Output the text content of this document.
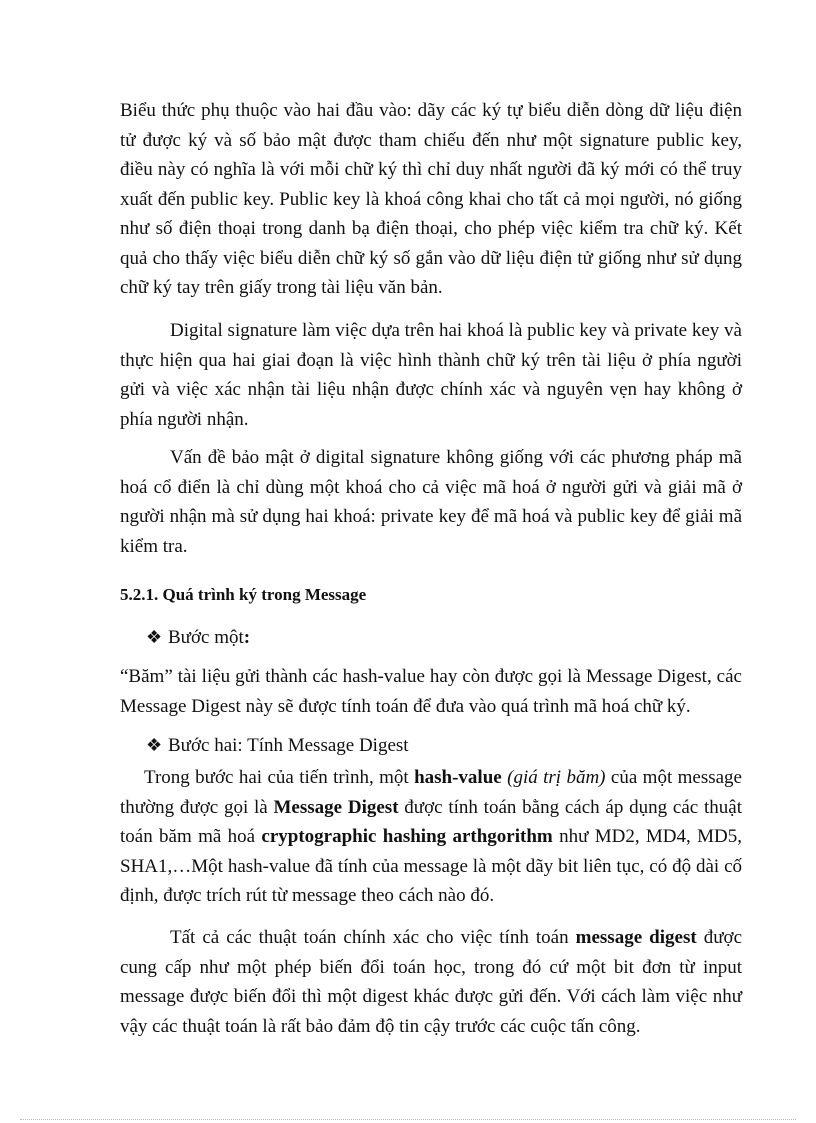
Biểu thức phụ thuộc vào hai đầu vào: dãy các ký tự biểu diễn dòng dữ liệu điện tử được ký và số bảo mật được tham chiếu đến như một signature public key, điều này có nghĩa là với mỗi chữ ký thì chỉ duy nhất người đã ký mới có thể truy xuất đến public key. Public key là khoá công khai cho tất cả mọi người, nó giống như số điện thoại trong danh bạ điện thoại, cho phép việc kiểm tra chữ ký. Kết quả cho thấy việc biểu diễn chữ ký số gắn vào dữ liệu điện tử giống như sử dụng chữ ký tay trên giấy trong tài liệu văn bản.

Digital signature làm việc dựa trên hai khoá là public key và private key và thực hiện qua hai giai đoạn là việc hình thành chữ ký trên tài liệu ở phía người gửi và việc xác nhận tài liệu nhận được chính xác và nguyên vẹn hay không ở phía người nhận.

Vấn đề bảo mật ở digital signature không giống với các phương pháp mã hoá cổ điển là chỉ dùng một khoá cho cả việc mã hoá ở người gửi và giải mã ở người nhận mà sử dụng hai khoá: private key để mã hoá và public key để giải mã kiểm tra.

5.2.1. Quá trình ký trong Message

❖ Bước một:

“Băm” tài liệu gửi thành các hash-value hay còn được gọi là Message Digest, các Message Digest này sẽ được tính toán để đưa vào quá trình mã hoá chữ ký.

❖ Bước hai: Tính Message Digest

Trong bước hai của tiến trình, một hash-value (giá trị băm) của một message thường được gọi là Message Digest được tính toán bằng cách áp dụng các thuật toán băm mã hoá cryptographic hashing arthgorithm như MD2, MD4, MD5, SHA1,…Một hash-value đã tính của message là một dãy bit liên tục, có độ dài cố định, được trích rút từ message theo cách nào đó.

Tất cả các thuật toán chính xác cho việc tính toán message digest được cung cấp như một phép biến đổi toán học, trong đó cứ một bit đơn từ input message được biến đổi thì một digest khác được gửi đến. Với cách làm việc như vậy các thuật toán là rất bảo đảm độ tin cậy trước các cuộc tấn công.
